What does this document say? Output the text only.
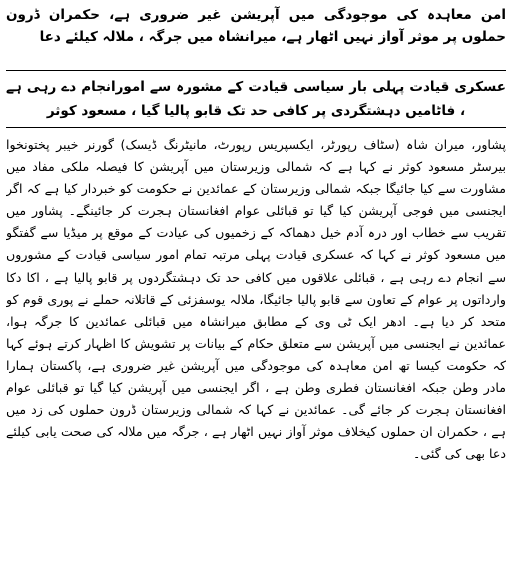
امن معاہدہ کی موجودگی میں آپریشن غیر ضروری ہے، حکمران ڈرون حملوں پر موثر آواز نہیں اٹھار ہے، میرانشاہ میں جرگہ ، ملالہ کیلئے دعا

عسکری قیادت پہلی بار سیاسی قیادت کے مشورہ سے امورانجام دے رہی ہے ، فاٹامیں دہشتگردی پر کافی حد تک قابو پالیا گیا ، مسعود کوثر

پشاور، میران شاہ (سٹاف رپورٹر، ایکسپریس رپورٹ، مانیٹرنگ ڈیسک) گورنر خیبر پختونخوا بیرسٹر مسعود کوثر نے کہا ہے کہ شمالی وزیرستان میں آپریشن کا فیصلہ ملکی مفاد میں مشاورت سے کیا جائیگا جبکہ شمالی وزیرستان کے عمائدین نے حکومت کو خبردار کیا ہے کہ اگر ایجنسی میں فوجی آپریشن کیا گیا تو قبائلی عوام افغانستان ہجرت کر جائینگے۔ پشاور میں تقریب سے خطاب اور درہ آدم خیل دھماکہ کے زخمیوں کی عیادت کے موقع پر میڈیا سے گفتگو میں مسعود کوثر نے کہا کہ عسکری قیادت پہلی مرتبہ تمام امور سیاسی قیادت کے مشوروں سے انجام دے رہی ہے ، قبائلی علاقوں میں کافی حد تک دہشتگردوں پر قابو پالیا ہے ، اکا دکا وارداتوں پر عوام کے تعاون سے قابو پالیا جائیگا، ملالہ یوسفزئی کے قاتلانہ حملے نے پوری قوم کو متحد کر دیا ہے۔ ادھر ایک ٹی وی کے مطابق میرانشاہ میں قبائلی عمائدین کا جرگہ ہوا، عمائدین نے ایجنسی میں آپریشن سے متعلق حکام کے بیانات پر تشویش کا اظہار کرتے ہوئے کہا کہ حکومت کیسا تھ امن معاہدہ کی موجودگی میں آپریشن غیر ضروری ہے، پاکستان ہمارا مادر وطن جبکہ افغانستان فطری وطن ہے ، اگر ایجنسی میں آپریشن کیا گیا تو قبائلی عوام افغانستان ہجرت کر جائے گی۔ عمائدین نے کہا کہ شمالی وزیرستان ڈرون حملوں کی زد میں ہے ، حکمران ان حملوں کیخلاف موثر آواز نہیں اٹھار ہے ، جرگہ میں ملالہ کی صحت یابی کیلئے دعا بھی کی گئی۔
